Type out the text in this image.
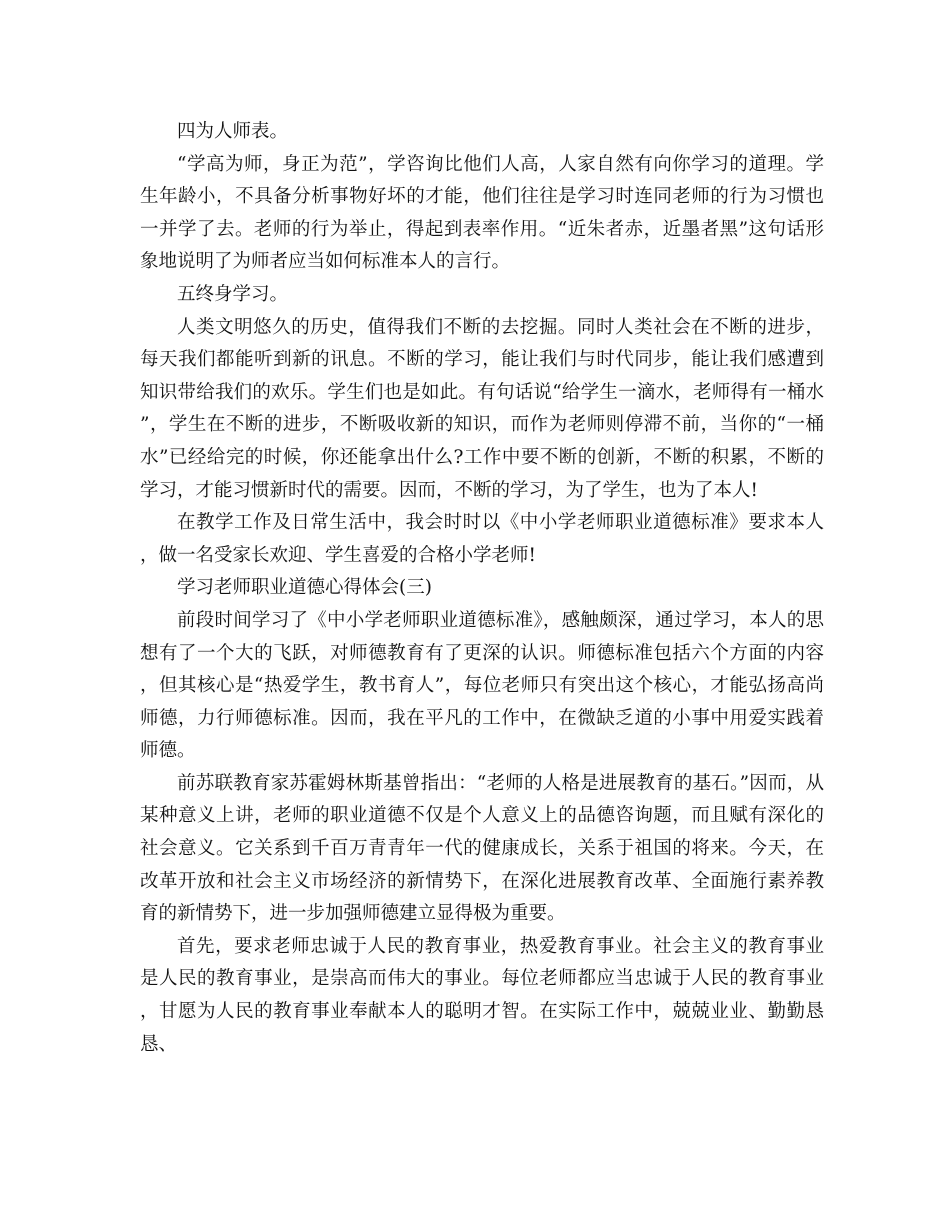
四为人师表。

“学高为师，身正为范”，学咨询比他们人高，人家自然有向你学习的道理。学生年龄小，不具备分析事物好坏的才能，他们往往是学习时连同老师的行为习惯也一并学了去。老师的行为举止，得起到表率作用。“近朱者赤，近墨者黑”这句话形象地说明了为师者应当如何标准本人的言行。

五终身学习。

人类文明悠久的历史，值得我们不断的去挖掘。同时人类社会在不断的进步，每天我们都能听到新的讯息。不断的学习，能让我们与时代同步，能让我们感遭到知识带给我们的欢乐。学生们也是如此。有句话说“给学生一滴水，老师得有一桶水”，学生在不断的进步，不断吸收新的知识，而作为老师则停滞不前，当你的“一桶水”已经给完的时候，你还能拿出什么?工作中要不断的创新，不断的积累，不断的学习，才能习惯新时代的需要。因而，不断的学习，为了学生，也为了本人!

在教学工作及日常生活中，我会时时以《中小学老师职业道德标准》要求本人，做一名受家长欢迎、学生喜爱的合格小学老师!

学习老师职业道德心得体会(三)

前段时间学习了《中小学老师职业道德标准》，感触颇深，通过学习，本人的思想有了一个大的飞跃，对师德教育有了更深的认识。师德标准包括六个方面的内容，但其核心是“热爱学生，教书育人”，每位老师只有突出这个核心，才能弘扬高尚师德，力行师德标准。因而，我在平凡的工作中，在微缺乏道的小事中用爱实践着师德。

前苏联教育家苏霍姆林斯基曾指出：“老师的人格是进展教育的基石。”因而，从某种意义上讲，老师的职业道德不仅是个人意义上的品德咨询题，而且赋有深化的社会意义。它关系到千百万青青年一代的健康成长，关系于祖国的将来。今天，在改革开放和社会主义市场经济的新情势下，在深化进展教育改革、全面施行素养教育的新情势下，进一步加强师德建立显得极为重要。

首先，要求老师忠诚于人民的教育事业，热爱教育事业。社会主义的教育事业是人民的教育事业，是崇高而伟大的事业。每位老师都应当忠诚于人民的教育事业，甘愿为人民的教育事业奉献本人的聪明才智。在实际工作中，兢兢业业、勤勤恳恳、
